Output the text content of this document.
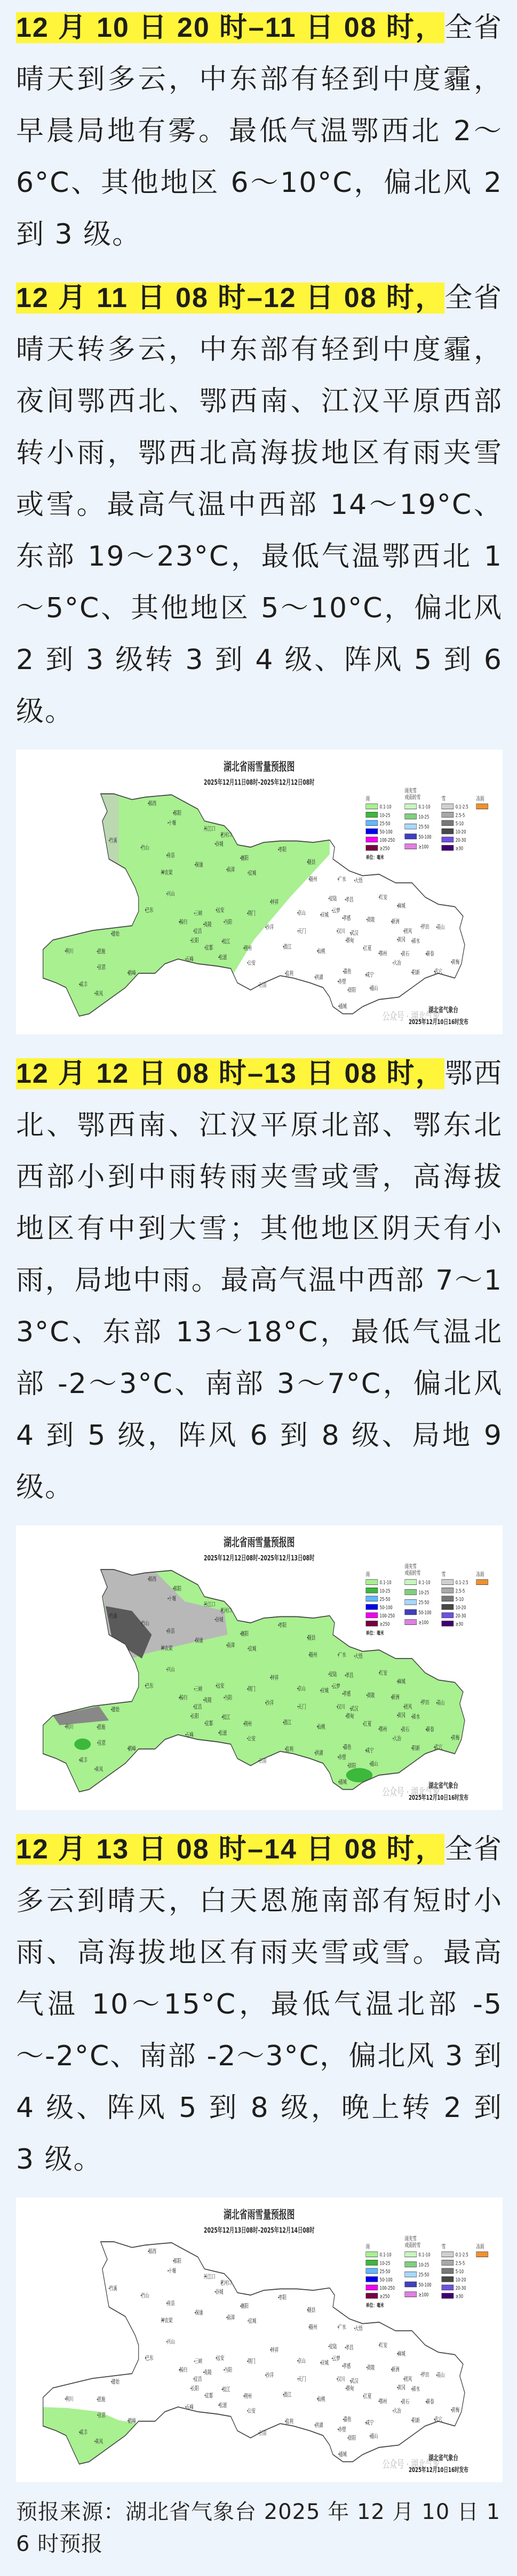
12 月 10 日 20 时–11 日 08 时，全省晴天到多云，中东部有轻到中度霾，早晨局地有雾。最低气温鄂西北 2～6°C、其他地区 6～10°C，偏北风 2 到 3 级。

12 月 11 日 08 时–12 日 08 时，全省晴天转多云，中东部有轻到中度霾，夜间鄂西北、鄂西南、江汉平原西部转小雨，鄂西北高海拔地区有雨夹雪或雪。最高气温中西部 14～19°C、东部 19～23°C，最低气温鄂西北 1～5°C、其他地区 5～10°C，偏北风 2 到 3 级转 3 到 4 级、阵风 5 到 6 级。

湖北省雨雪量预报图
2025年12月11日08时–2025年12月12日08时
郧西
郧阳
十堰
丹江口
老河口
谷城
竹溪
竹山
房县
保康
襄阳
枣阳
随县
南漳 宜城
神农架
随州	广水 大悟
兴山
钟祥	安陆 孝昌	红安
麻城
巴东	三峡 远安
当阳
荆门	京山 应城
云梦
孝感	黄陂	新洲
秭归	夷陵	沙洋
天门	汉川 武汉	团风
罗田 英山
建始	宜昌
长阳	枝江	蔡甸	黄冈 浠水
利川	恩施
潜江
宜都	荆州	仙桃	江夏
鄂州 黄石	蕲春
宣恩
五峰	松滋
公安	大冶	黄梅
鹤峰	监利
洪湖
嘉鱼 咸宁	阳新 武穴
咸丰	赤壁
石首	通山
来凤	崇阳
通城
雨
雨夹雪
或雨转雪	雪	冻雨
0.1-10
10-25
25-50
50-100
100-250
≥250
0.1-10
10-25
25-50
50-100
≥100
0.1-2.5
2.5-5
5-10
10-20
20-30
≥30
单位：毫米
公众号 · 湖北气象
湖北省气象台
2025年12月10日16时发布

12 月 12 日 08 时–13 日 08 时，鄂西北、鄂西南、江汉平原北部、鄂东北西部小到中雨转雨夹雪或雪，高海拔地区有中到大雪；其他地区阴天有小雨，局地中雨。最高气温中西部 7～13°C、东部 13～18°C，最低气温北部 -2～3°C、南部 3～7°C，偏北风 4 到 5 级，阵风 6 到 8 级、局地 9 级。

湖北省雨雪量预报图
2025年12月12日08时–2025年12月13日08时
郧西
郧阳
十堰
丹江口
老河口
谷城
竹溪
竹山
房县
保康
襄阳
枣阳
随县
南漳 宜城
神农架
随州	广水 大悟
兴山
钟祥	安陆 孝昌	红安
麻城
巴东	三峡 远安
当阳
荆门	京山 应城
云梦
孝感	黄陂	新洲
秭归	夷陵	沙洋
天门	汉川 武汉	团风
罗田 英山
建始	宜昌
长阳	枝江	蔡甸	黄冈 浠水
利川	恩施
潜江
宜都	荆州	仙桃	江夏
鄂州 黄石	蕲春
宣恩
五峰	松滋
公安	大冶	黄梅
鹤峰	监利
洪湖
嘉鱼 咸宁	阳新 武穴
咸丰	赤壁
石首	通山
来凤	崇阳
通城
雨
雨夹雪
或雨转雪	雪	冻雨
0.1-10
10-25
25-50
50-100
100-250
≥250
0.1-10
10-25
25-50
50-100
≥100
0.1-2.5
2.5-5
5-10
10-20
20-30
≥30
单位：毫米
公众号 · 湖北气象
湖北省气象台
2025年12月10日16时发布

12 月 13 日 08 时–14 日 08 时，全省多云到晴天，白天恩施南部有短时小雨、高海拔地区有雨夹雪或雪。最高气温 10～15°C，最低气温北部 -5～-2°C、南部 -2～3°C，偏北风 3 到 4 级、阵风 5 到 8 级，晚上转 2 到 3 级。

湖北省雨雪量预报图
2025年12月13日08时–2025年12月14日08时
郧西
郧阳
十堰
丹江口
老河口
谷城
竹溪
竹山
房县
保康
襄阳
枣阳
随县
南漳 宜城
神农架
随州	广水 大悟
兴山
钟祥	安陆 孝昌	红安
麻城
巴东	三峡 远安
当阳
荆门	京山 应城
云梦
孝感	黄陂	新洲
秭归	夷陵	沙洋
天门	汉川 武汉	团风
罗田 英山
建始	宜昌
长阳	枝江	蔡甸	黄冈 浠水
利川	恩施
潜江
宜都	荆州	仙桃	江夏
鄂州 黄石	蕲春
宣恩
五峰	松滋
公安	大冶	黄梅
鹤峰	监利
洪湖
嘉鱼 咸宁	阳新 武穴
咸丰	赤壁
石首	通山
来凤	崇阳
通城
雨
雨夹雪
或雨转雪	雪	冻雨
0.1-10
10-25
25-50
50-100
100-250
≥250
0.1-10
10-25
25-50
50-100
≥100
0.1-2.5
2.5-5
5-10
10-20
20-30
≥30
单位：毫米
公众号 · 湖北气象
湖北省气象台
2025年12月10日16时发布
预报来源：湖北省气象台 2025 年 12 月 10 日 16 时预报
